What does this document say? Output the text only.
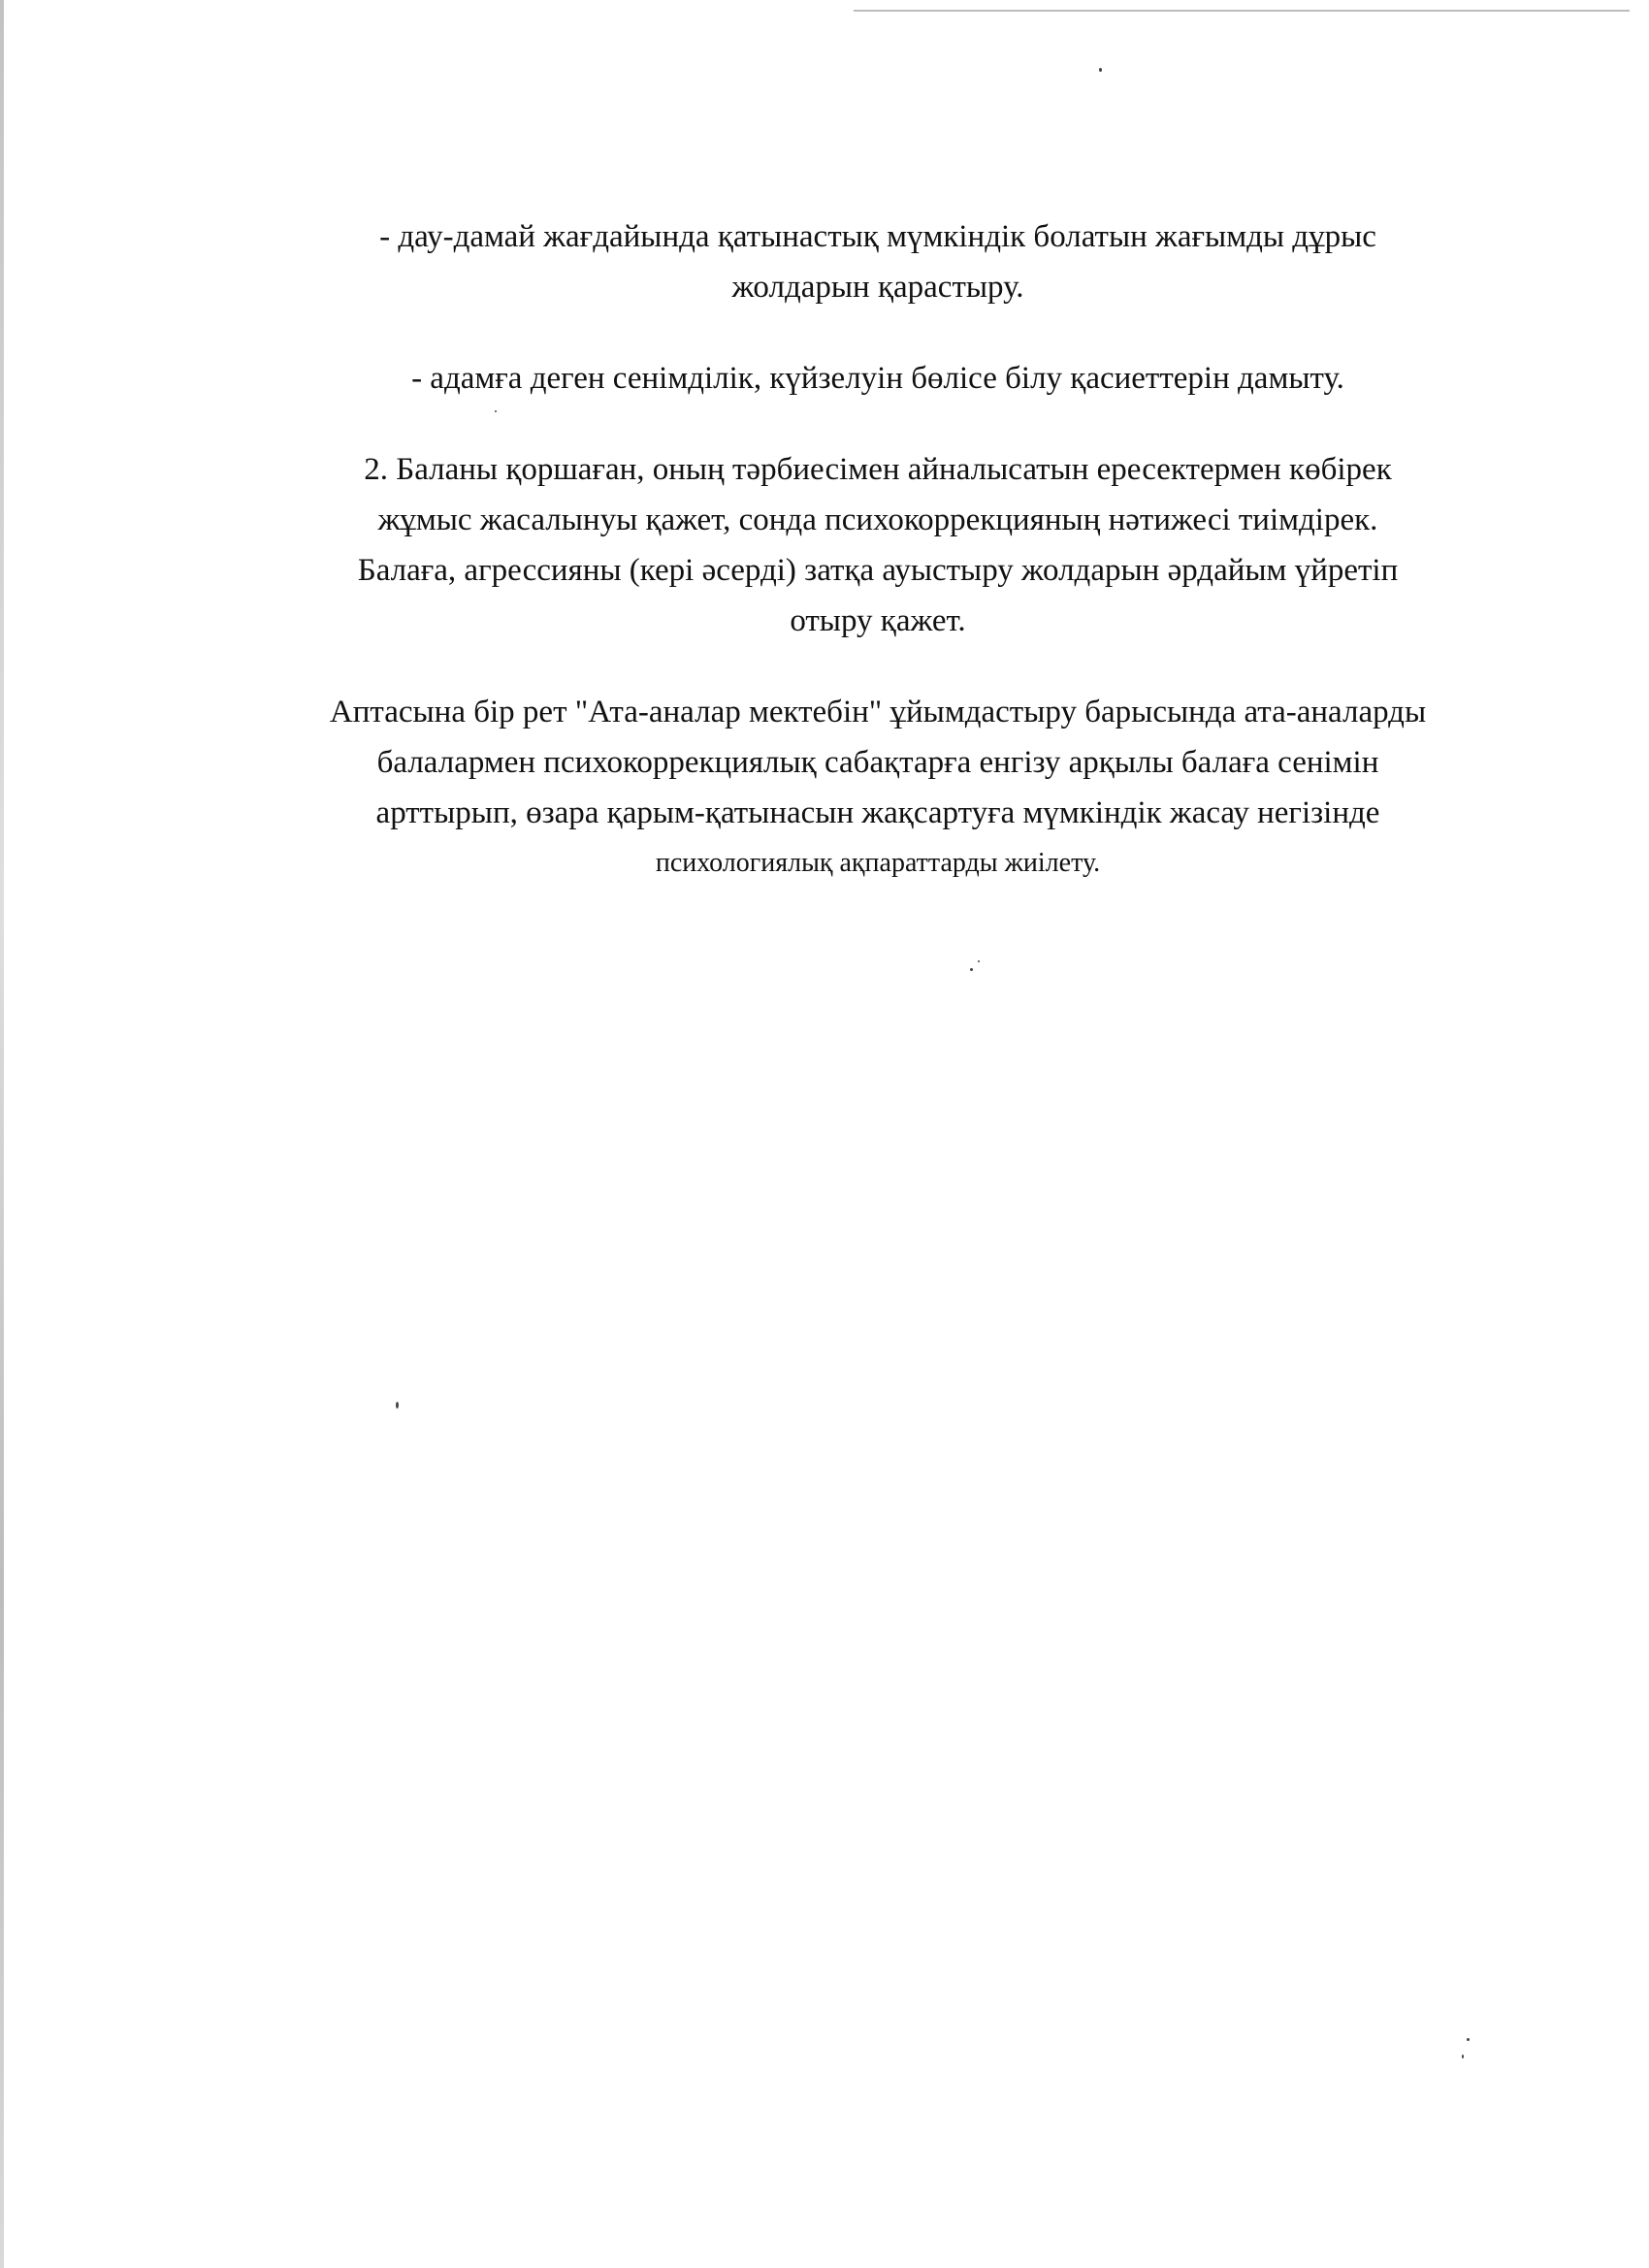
- дау-дамай жағдайында қатынастық мүмкіндік болатын жағымды дұрыс
жолдарын қарастыру.

- адамға деген сенімділік, күйзелуін бөлісе білу қасиеттерін дамыту.

2. Баланы қоршаған, оның тәрбиесімен айналысатын ересектермен көбірек
жұмыс жасалынуы қажет, сонда психокоррекцияның нәтижесі тиімдірек.
Балаға, агрессияны (кері әсерді) затқа ауыстыру жолдарын әрдайым үйретіп
отыру қажет.

Аптасына бір рет "Ата-аналар мектебін" ұйымдастыру барысында ата-аналарды
балалармен психокоррекциялық сабақтарға енгізу арқылы балаға сенімін
арттырып, өзара қарым-қатынасын жақсартуға мүмкіндік жасау негізінде
психологиялық ақпараттарды жиілету.
